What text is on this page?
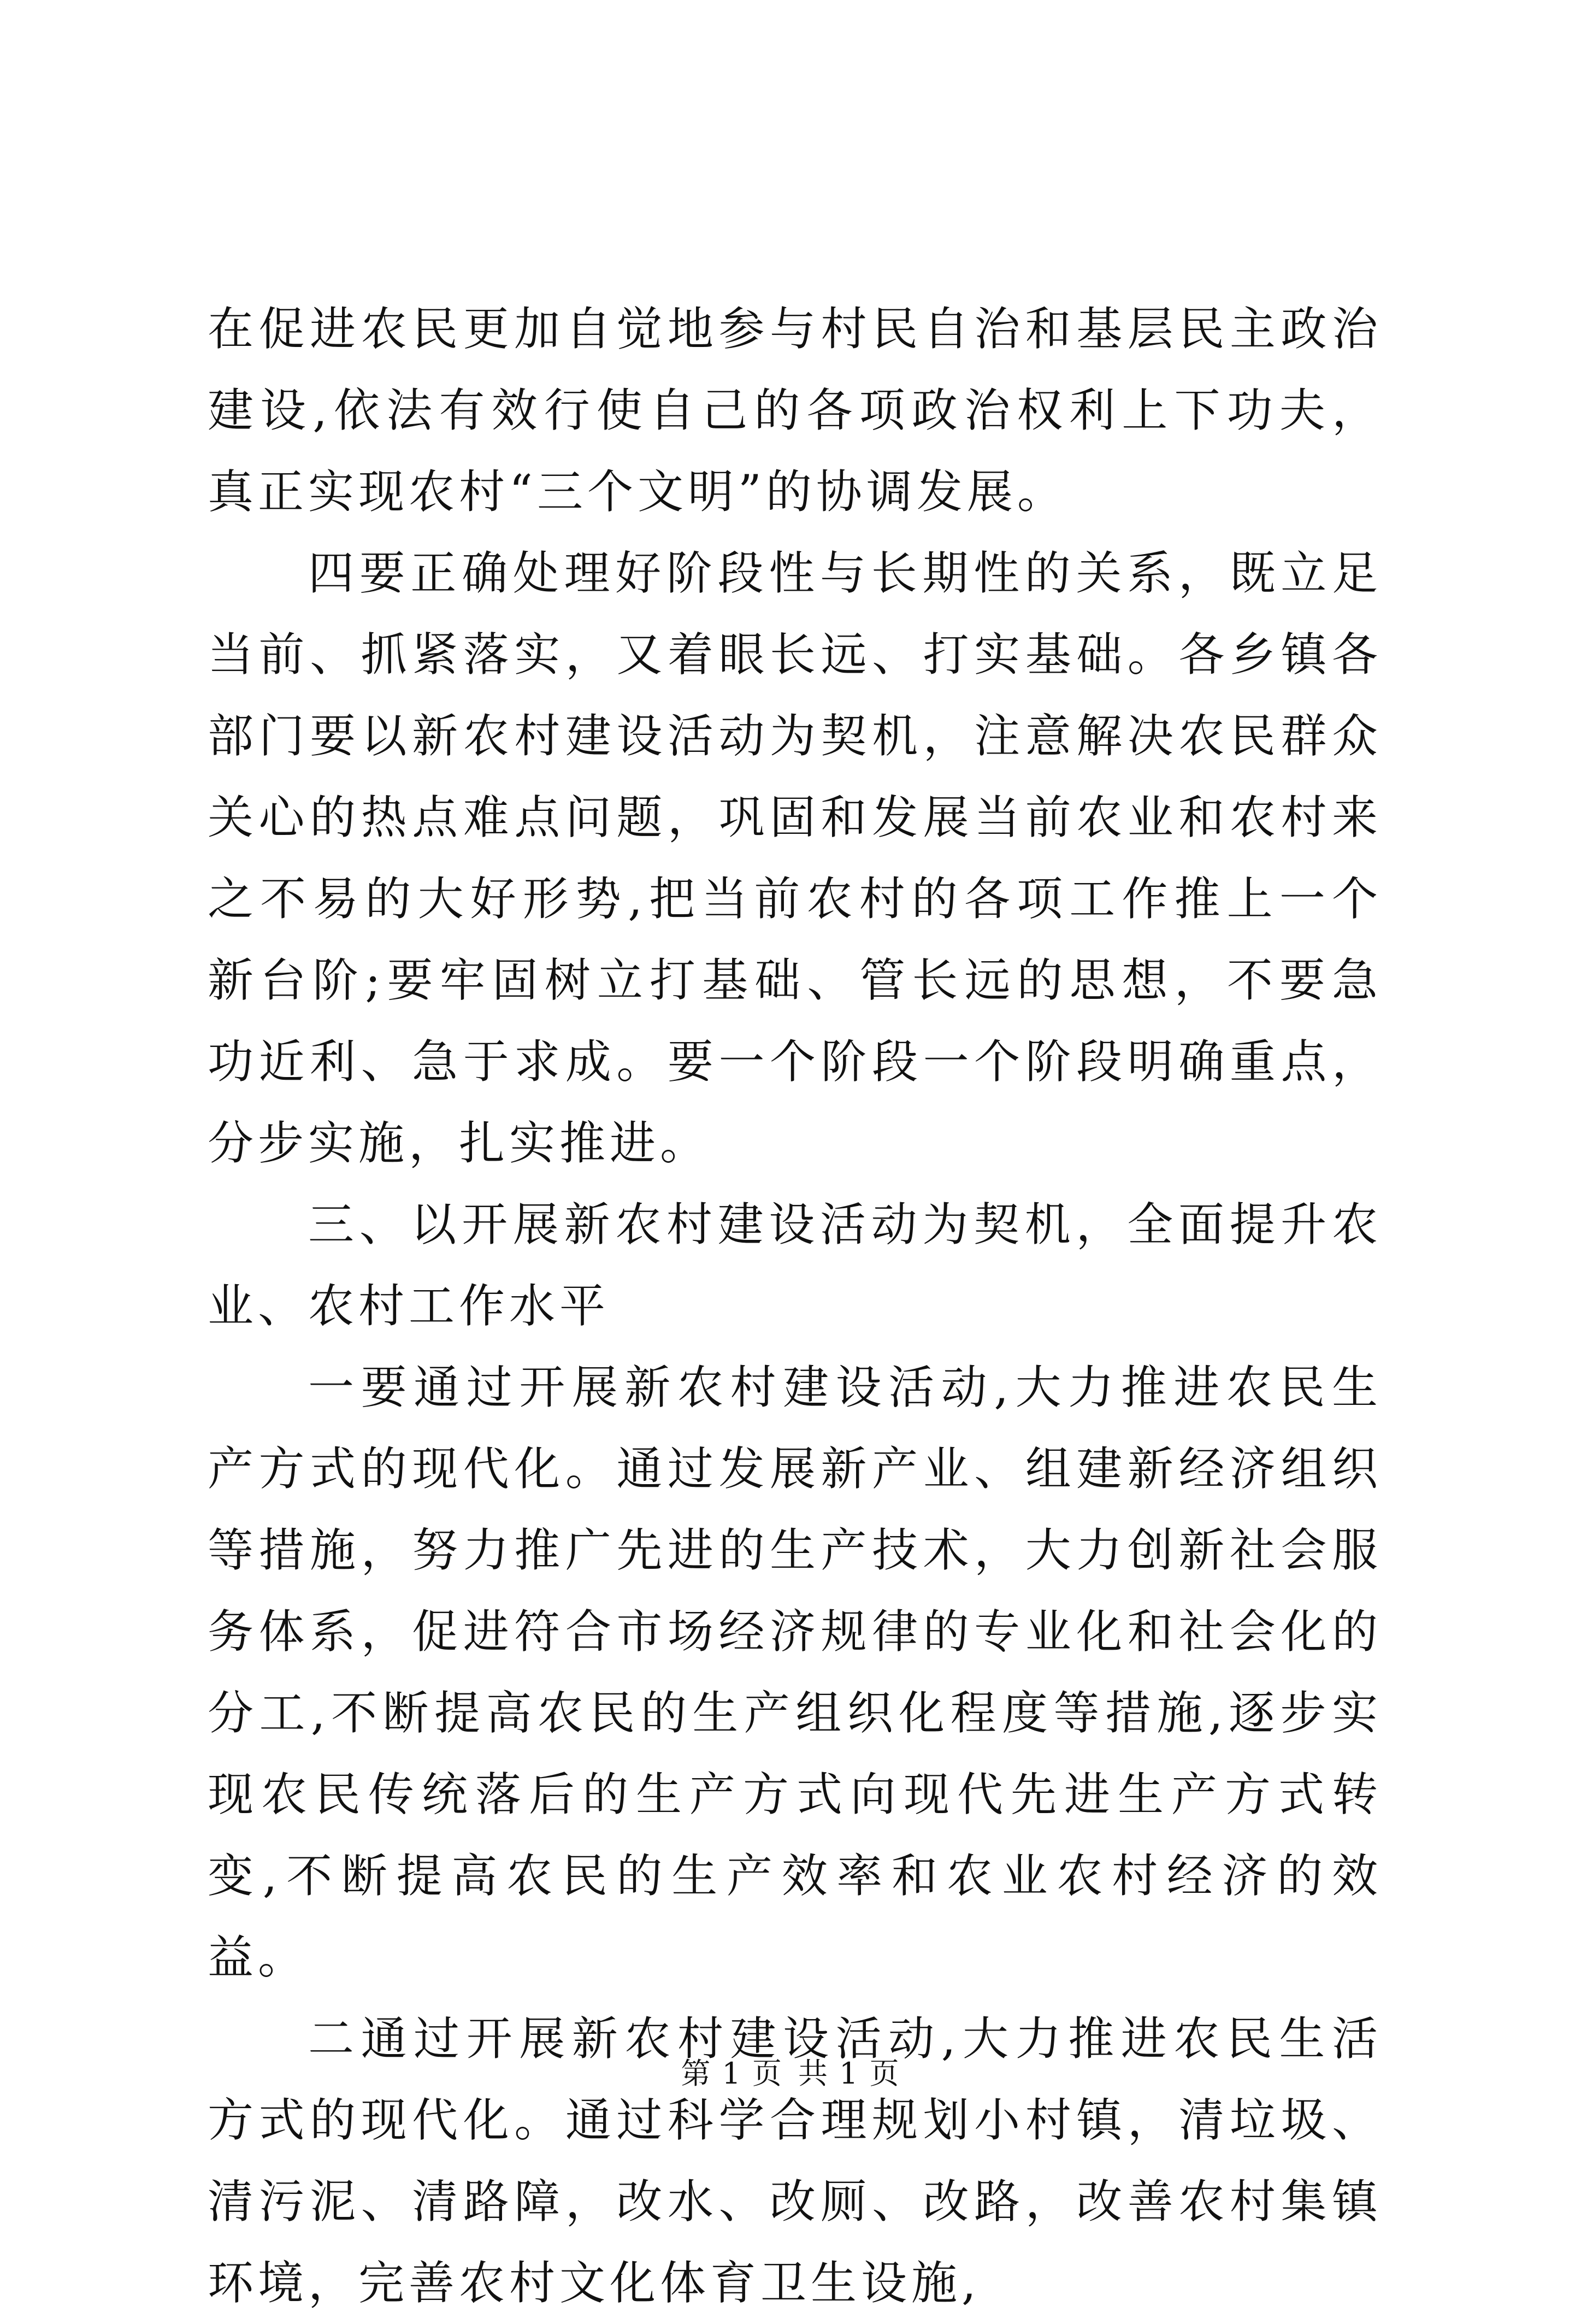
在促进农民更加自觉地参与村民自治和基层民主政治建设,依法有效行使自己的各项政治权利上下功夫，真正实现农村“三个文明”的协调发展。

四要正确处理好阶段性与长期性的关系，既立足当前、抓紧落实，又着眼长远、打实基础。各乡镇各部门要以新农村建设活动为契机，注意解决农民群众关心的热点难点问题，巩固和发展当前农业和农村来之不易的大好形势,把当前农村的各项工作推上一个新台阶;要牢固树立打基础、管长远的思想，不要急功近利、急于求成。要一个阶段一个阶段明确重点，分步实施，扎实推进。

三、以开展新农村建设活动为契机，全面提升农业、农村工作水平

一要通过开展新农村建设活动,大力推进农民生产方式的现代化。通过发展新产业、组建新经济组织等措施，努力推广先进的生产技术，大力创新社会服务体系，促进符合市场经济规律的专业化和社会化的分工,不断提高农民的生产组织化程度等措施,逐步实现农民传统落后的生产方式向现代先进生产方式转变,不断提高农民的生产效率和农业农村经济的效益。

二通过开展新农村建设活动,大力推进农民生活方式的现代化。通过科学合理规划小村镇，清垃圾、清污泥、清路障，改水、改厕、改路，改善农村集镇环境，完善农村文化体育卫生设施,

第 1 页 共 1 页
